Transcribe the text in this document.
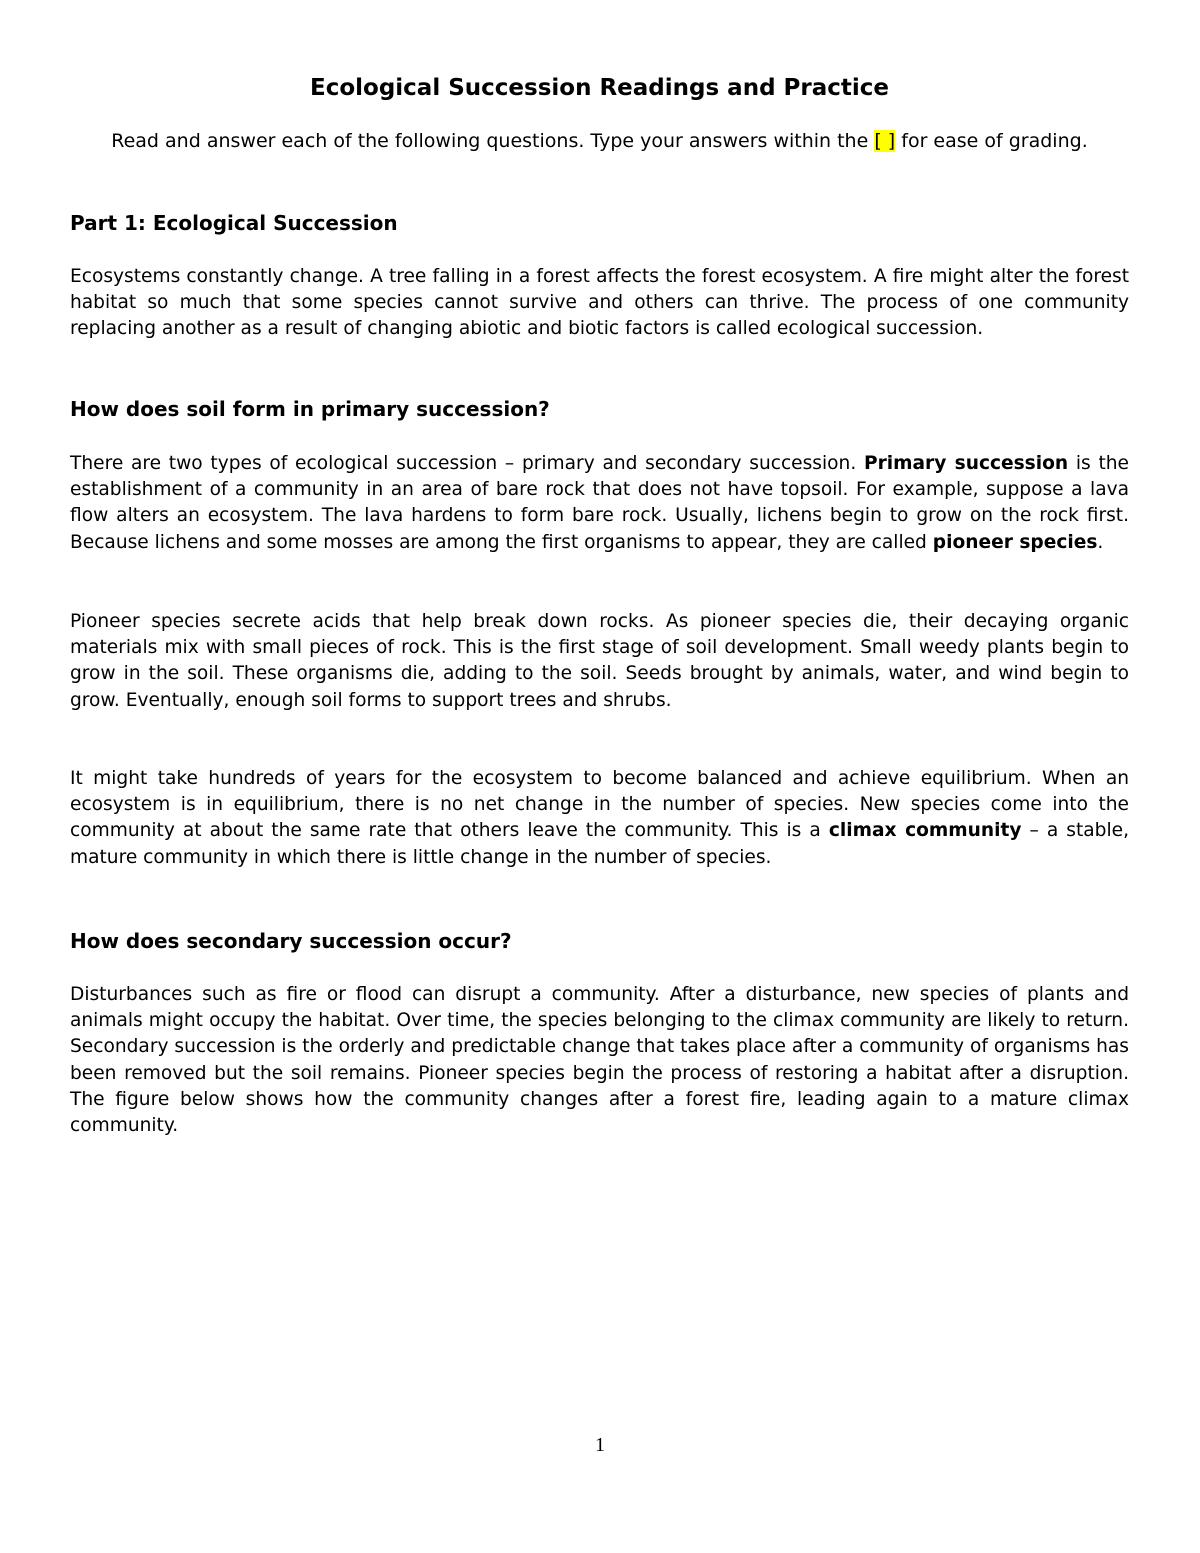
Ecological Succession Readings and Practice

Read and answer each of the following questions. Type your answers within the [ ] for ease of grading.

Part 1: Ecological Succession

Ecosystems constantly change. A tree falling in a forest affects the forest ecosystem. A fire might alter the forest habitat so much that some species cannot survive and others can thrive. The process of one community replacing another as a result of changing abiotic and biotic factors is called ecological succession.

How does soil form in primary succession?

There are two types of ecological succession – primary and secondary succession. Primary succession is the establishment of a community in an area of bare rock that does not have topsoil. For example, suppose a lava flow alters an ecosystem. The lava hardens to form bare rock. Usually, lichens begin to grow on the rock first. Because lichens and some mosses are among the first organisms to appear, they are called pioneer species.

Pioneer species secrete acids that help break down rocks. As pioneer species die, their decaying organic materials mix with small pieces of rock. This is the first stage of soil development. Small weedy plants begin to grow in the soil. These organisms die, adding to the soil. Seeds brought by animals, water, and wind begin to grow. Eventually, enough soil forms to support trees and shrubs.

It might take hundreds of years for the ecosystem to become balanced and achieve equilibrium. When an ecosystem is in equilibrium, there is no net change in the number of species. New species come into the community at about the same rate that others leave the community. This is a climax community – a stable, mature community in which there is little change in the number of species.

How does secondary succession occur?

Disturbances such as fire or flood can disrupt a community. After a disturbance, new species of plants and animals might occupy the habitat. Over time, the species belonging to the climax community are likely to return. Secondary succession is the orderly and predictable change that takes place after a community of organisms has been removed but the soil remains. Pioneer species begin the process of restoring a habitat after a disruption. The figure below shows how the community changes after a forest fire, leading again to a mature climax community.

1
